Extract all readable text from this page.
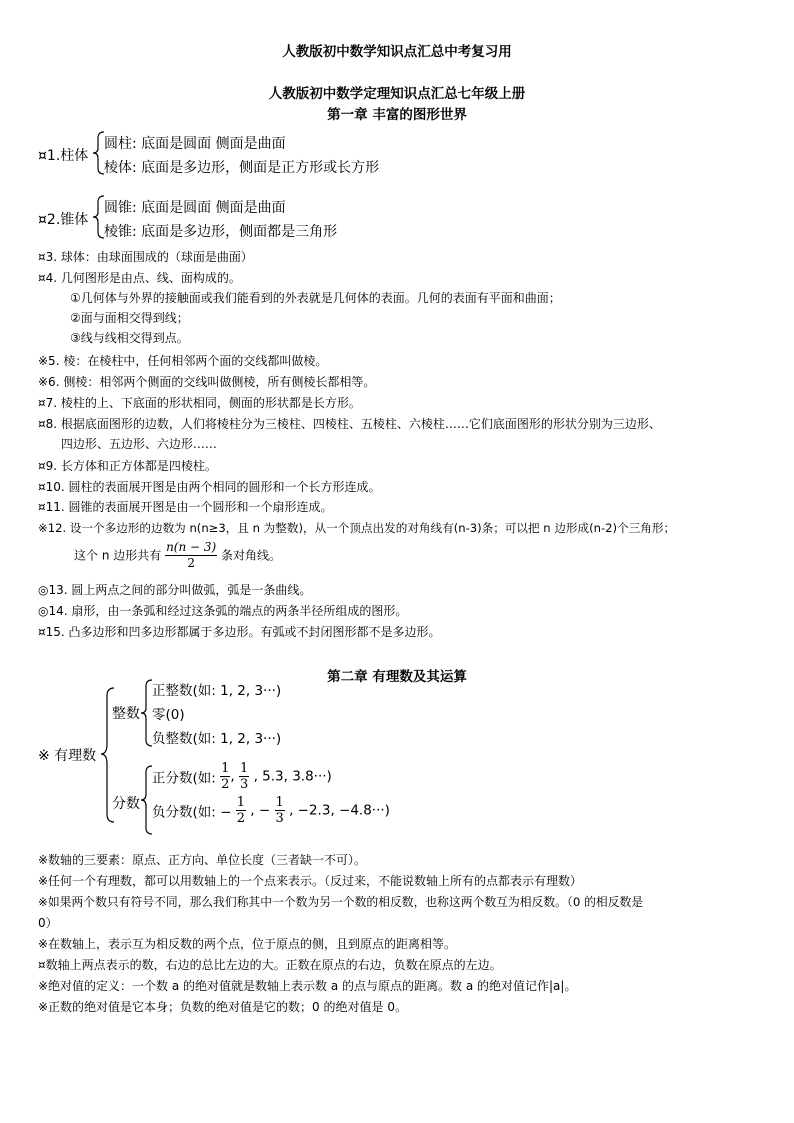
人教版初中数学知识点汇总中考复习用
人教版初中数学定理知识点汇总七年级上册
第一章 丰富的图形世界
¤1.柱体
圆柱: 底面是圆面 侧面是曲面
棱体: 底面是多边形，侧面是正方形或长方形
¤2.锥体
圆锥: 底面是圆面 侧面是曲面
棱锥: 底面是多边形，侧面都是三角形
¤3. 球体：由球面围成的（球面是曲面）
¤4. 几何图形是由点、线、面构成的。
①几何体与外界的接触面或我们能看到的外表就是几何体的表面。几何的表面有平面和曲面；
②面与面相交得到线；
③线与线相交得到点。
※5. 棱：在棱柱中，任何相邻两个面的交线都叫做棱。
※6. 侧棱：相邻两个侧面的交线叫做侧棱，所有侧棱长都相等。
¤7. 棱柱的上、下底面的形状相同，侧面的形状都是长方形。
¤8. 根据底面图形的边数，人们将棱柱分为三棱柱、四棱柱、五棱柱、六棱柱……它们底面图形的形状分别为三边形、
四边形、五边形、六边形……
¤9. 长方体和正方体都是四棱柱。
¤10. 圆柱的表面展开图是由两个相同的圆形和一个长方形连成。
¤11. 圆锥的表面展开图是由一个圆形和一个扇形连成。
※12. 设一个多边形的边数为 n(n≥3，且 n 为整数)，从一个顶点出发的对角线有(n-3)条；可以把 n 边形成(n-2)个三角形；
这个 n 边形共有 $\frac{n(n - 3)}{2}$ 条对角线。
◎13. 圆上两点之间的部分叫做弧，弧是一条曲线。
◎14. 扇形，由一条弧和经过这条弧的端点的两条半径所组成的图形。
¤15. 凸多边形和凹多边形都属于多边形。有弧或不封闭图形都不是多边形。
第二章 有理数及其运算
※ 有理数
整数
正整数(如: 1, 2, 3···)
零(0)
负整数(如: 1, 2, 3···)
分数
正分数(如: $\frac{1}{2}$ , $\frac{1}{3}$ , 5.3, 3.8···)
负分数(如: − $\frac{1}{2}$ , − $\frac{1}{3}$ , −2.3, −4.8···)
※数轴的三要素：原点、正方向、单位长度（三者缺一不可）。
※任何一个有理数，都可以用数轴上的一个点来表示。（反过来，不能说数轴上所有的点都表示有理数）
※如果两个数只有符号不同，那么我们称其中一个数为另一个数的相反数，也称这两个数互为相反数。（0 的相反数是
0）
※在数轴上，表示互为相反数的两个点，位于原点的侧，且到原点的距离相等。
¤数轴上两点表示的数，右边的总比左边的大。正数在原点的右边，负数在原点的左边。
※绝对值的定义：一个数 a 的绝对值就是数轴上表示数 a 的点与原点的距离。数 a 的绝对值记作|a|。
※正数的绝对值是它本身；负数的绝对值是它的数；0 的绝对值是 0。
